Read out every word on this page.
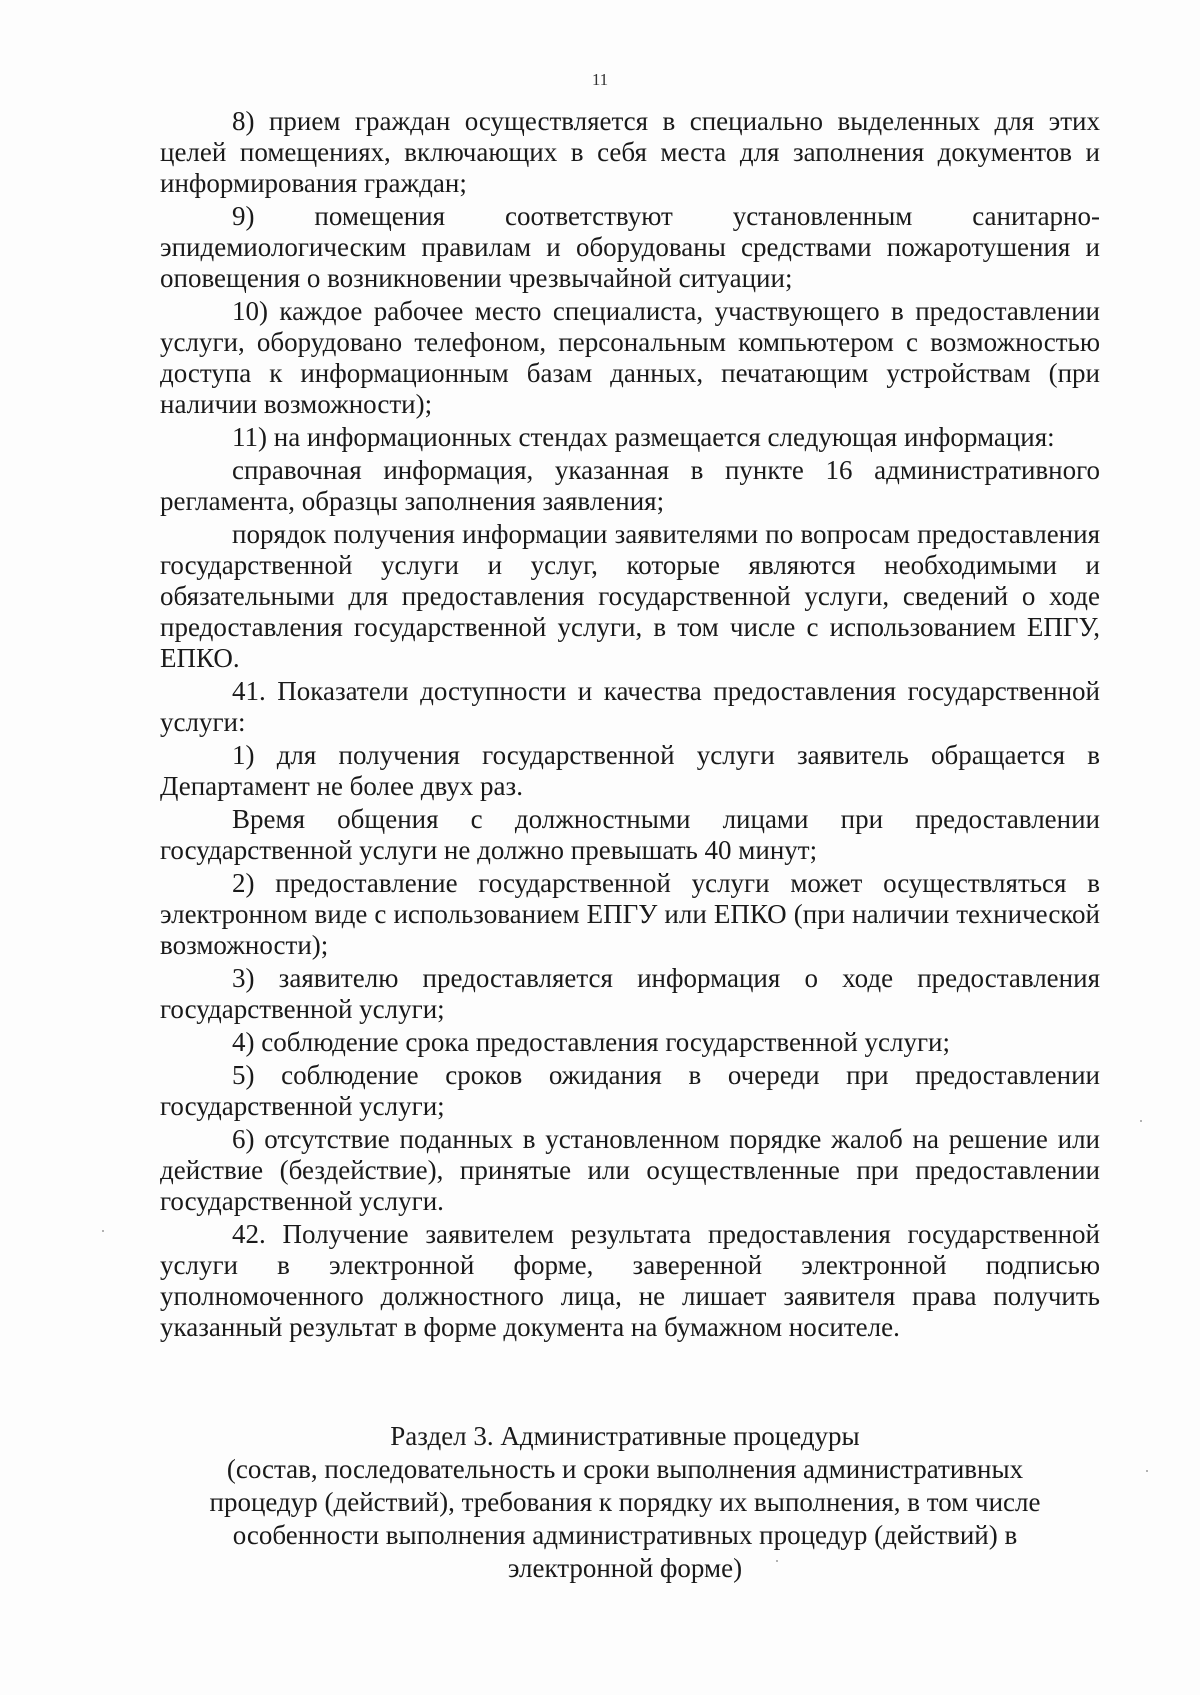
11

8) прием граждан осуществляется в специально выделенных для этих целей помещениях, включающих в себя места для заполнения документов и информирования граждан;

9) помещения соответствуют установленным санитарно-эпидемиологическим правилам и оборудованы средствами пожаротушения и оповещения о возникновении чрезвычайной ситуации;

10) каждое рабочее место специалиста, участвующего в предоставлении услуги, оборудовано телефоном, персональным компьютером с возможностью доступа к информационным базам данных, печатающим устройствам (при наличии возможности);

11) на информационных стендах размещается следующая информация:

справочная информация, указанная в пункте 16 административного регламента, образцы заполнения заявления;

порядок получения информации заявителями по вопросам предоставления государственной услуги и услуг, которые являются необходимыми и обязательными для предоставления государственной услуги, сведений о ходе предоставления государственной услуги, в том числе с использованием ЕПГУ, ЕПКО.

41. Показатели доступности и качества предоставления государственной услуги:

1) для получения государственной услуги заявитель обращается в Департамент не более двух раз.

Время общения с должностными лицами при предоставлении государственной услуги не должно превышать 40 минут;

2) предоставление государственной услуги может осуществляться в электронном виде с использованием ЕПГУ или ЕПКО (при наличии технической возможности);

3) заявителю предоставляется информация о ходе предоставления государственной услуги;

4) соблюдение срока предоставления государственной услуги;

5) соблюдение сроков ожидания в очереди при предоставлении государственной услуги;

6) отсутствие поданных в установленном порядке жалоб на решение или действие (бездействие), принятые или осуществленные при предоставлении государственной услуги.

42. Получение заявителем результата предоставления государственной услуги в электронной форме, заверенной электронной подписью уполномоченного должностного лица, не лишает заявителя права получить указанный результат в форме документа на бумажном носителе.

Раздел 3. Административные процедуры
(состав, последовательность и сроки выполнения административных
процедур (действий), требования к порядку их выполнения, в том числе
особенности выполнения административных процедур (действий) в
электронной форме)
